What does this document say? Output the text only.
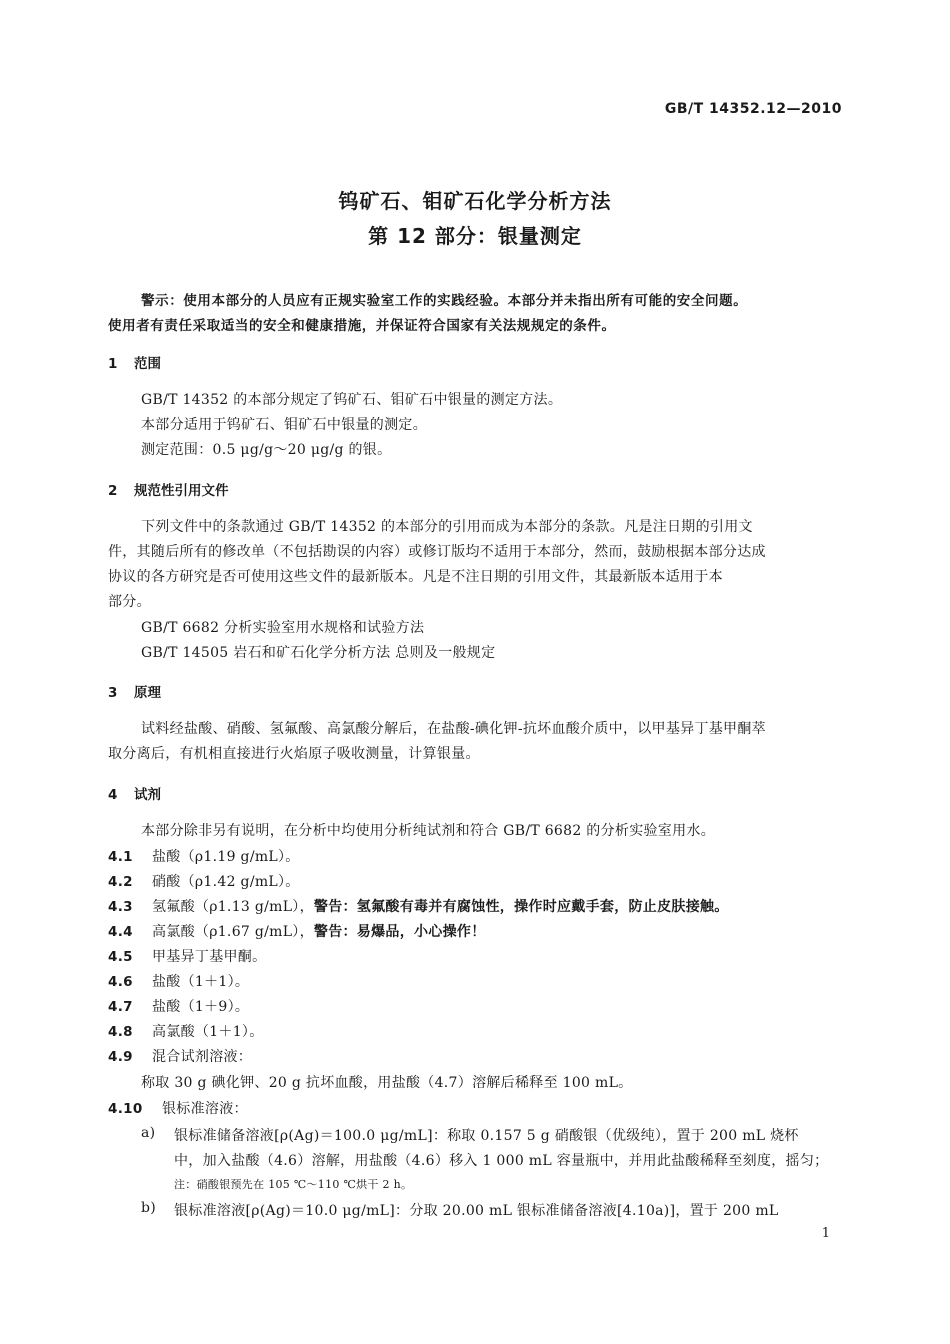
GB/T 14352.12—2010
钨矿石、钼矿石化学分析方法
第 12 部分：银量测定
警示：使用本部分的人员应有正规实验室工作的实践经验。本部分并未指出所有可能的安全问题。
使用者有责任采取适当的安全和健康措施，并保证符合国家有关法规规定的条件。
1 范围
GB/T 14352 的本部分规定了钨矿石、钼矿石中银量的测定方法。
本部分适用于钨矿石、钼矿石中银量的测定。
测定范围：0.5 μg/g～20 μg/g 的银。
2 规范性引用文件
下列文件中的条款通过 GB/T 14352 的本部分的引用而成为本部分的条款。凡是注日期的引用文
件，其随后所有的修改单（不包括勘误的内容）或修订版均不适用于本部分，然而，鼓励根据本部分达成
协议的各方研究是否可使用这些文件的最新版本。凡是不注日期的引用文件，其最新版本适用于本
部分。
GB/T 6682 分析实验室用水规格和试验方法
GB/T 14505 岩石和矿石化学分析方法 总则及一般规定
3 原理
试料经盐酸、硝酸、氢氟酸、高氯酸分解后，在盐酸-碘化钾-抗坏血酸介质中，以甲基异丁基甲酮萃
取分离后，有机相直接进行火焰原子吸收测量，计算银量。
4 试剂
本部分除非另有说明，在分析中均使用分析纯试剂和符合 GB/T 6682 的分析实验室用水。
4.1 盐酸（ρ1.19 g/mL）。
4.2 硝酸（ρ1.42 g/mL）。
4.3 氢氟酸（ρ1.13 g/mL），警告：氢氟酸有毒并有腐蚀性，操作时应戴手套，防止皮肤接触。
4.4 高氯酸（ρ1.67 g/mL），警告：易爆品，小心操作！
4.5 甲基异丁基甲酮。
4.6 盐酸（1＋1）。
4.7 盐酸（1＋9）。
4.8 高氯酸（1＋1）。
4.9 混合试剂溶液：
称取 30 g 碘化钾、20 g 抗坏血酸，用盐酸（4.7）溶解后稀释至 100 mL。
4.10 银标准溶液：
a) 银标准储备溶液[ρ(Ag)＝100.0 μg/mL]：称取 0.157 5 g 硝酸银（优级纯），置于 200 mL 烧杯
中，加入盐酸（4.6）溶解，用盐酸（4.6）移入 1 000 mL 容量瓶中，并用此盐酸稀释至刻度，摇匀；
注：硝酸银预先在 105 ℃～110 ℃烘干 2 h。
b) 银标准溶液[ρ(Ag)＝10.0 μg/mL]：分取 20.00 mL 银标准储备溶液[4.10a)]，置于 200 mL
1
